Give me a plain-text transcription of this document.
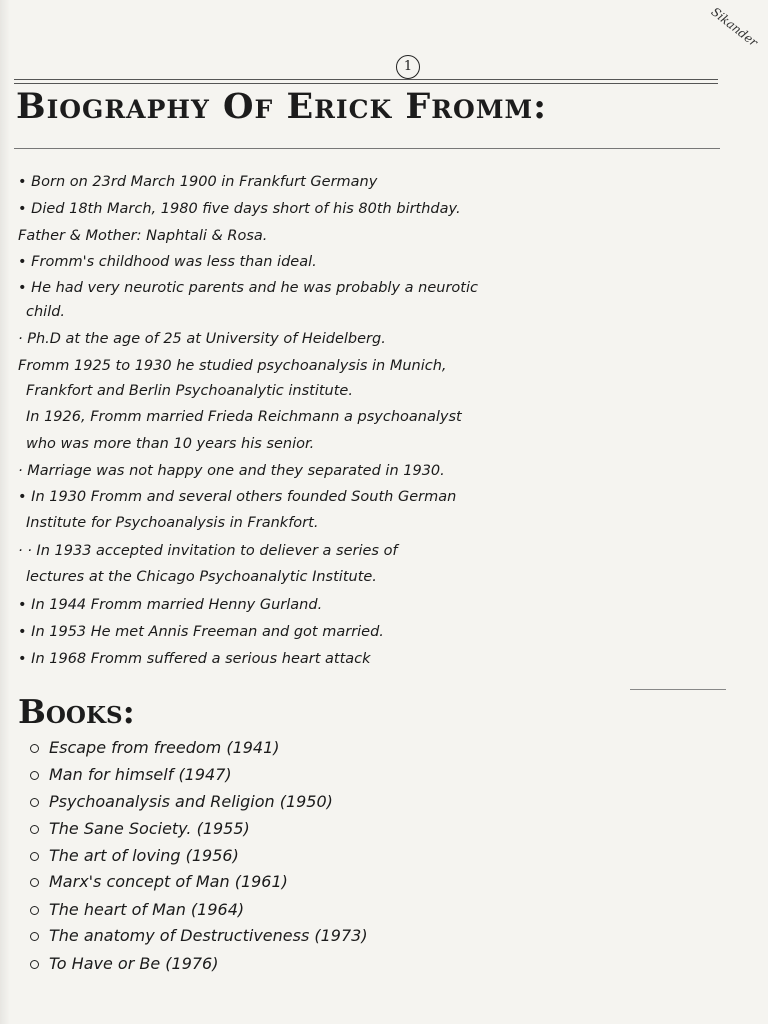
Sikander
1
Biography Of Erick Fromm:
• Born on 23rd March 1900 in Frankfurt Germany
• Died 18th March, 1980 five days short of his 80th birthday.
Father & Mother: Naphtali & Rosa.
• Fromm's childhood was less than ideal.
• He had very neurotic parents and he was probably a neurotic
child.
· Ph.D at the age of 25 at University of Heidelberg.
Fromm 1925 to 1930 he studied psychoanalysis in Munich,
Frankfort and Berlin Psychoanalytic institute.
In 1926, Fromm married Frieda Reichmann a psychoanalyst
who was more than 10 years his senior.
· Marriage was not happy one and they separated in 1930.
• In 1930 Fromm and several others founded South German
Institute for Psychoanalysis in Frankfort.
· · In 1933 accepted invitation to deliever a series of
lectures at the Chicago Psychoanalytic Institute.
• In 1944 Fromm married Henny Gurland.
• In 1953 He met Annis Freeman and got married.
• In 1968 Fromm suffered a serious heart attack
Books:
Escape from freedom (1941)
Man for himself (1947)
Psychoanalysis and Religion (1950)
The Sane Society. (1955)
The art of loving (1956)
Marx's concept of Man (1961)
The heart of Man (1964)
The anatomy of Destructiveness (1973)
To Have or Be (1976)
